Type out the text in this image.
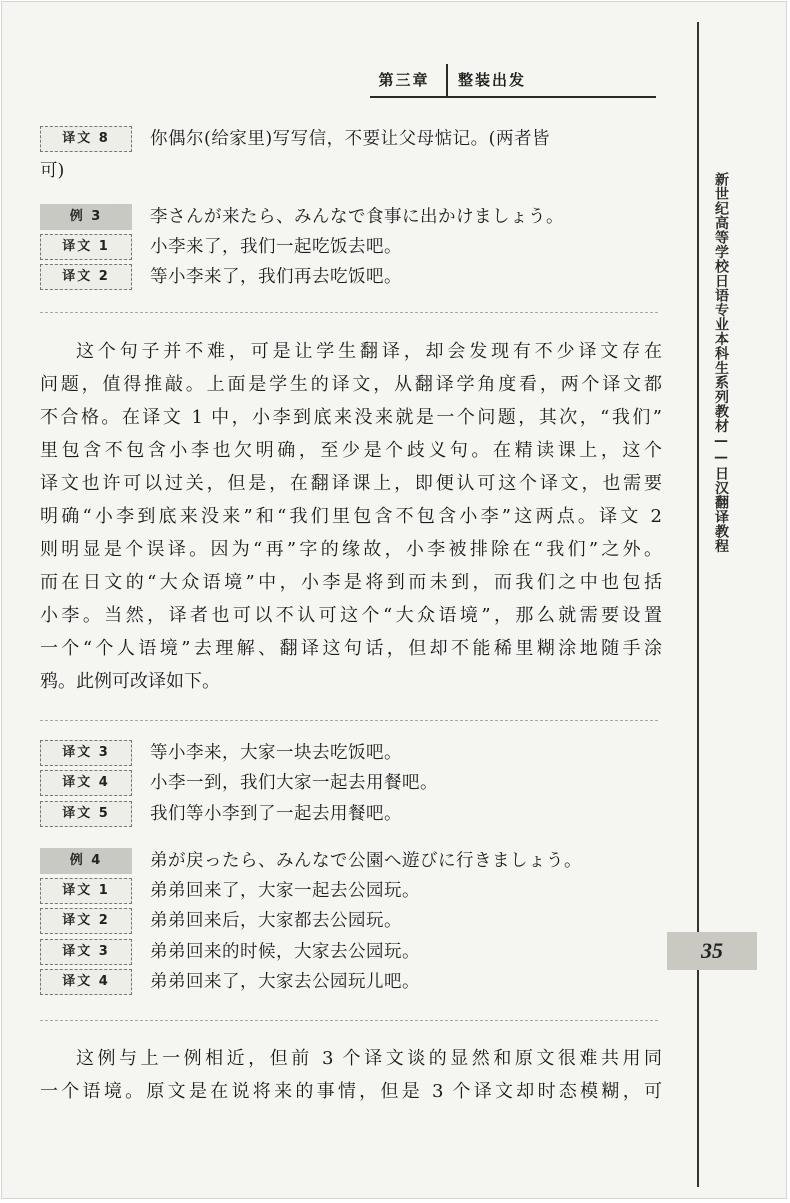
第三章	整装出发
新世纪高等学校日语专业本科生系列教材——日汉翻译教程
35
译文 8	你偶尔(给家里)写写信，不要让父母惦记。(两者皆
可)
例 3	李さんが来たら、みんなで食事に出かけましょう。
译文 1	小李来了，我们一起吃饭去吧。
译文 2	等小李来了，我们再去吃饭吧。
这个句子并不难，可是让学生翻译，却会发现有不少译文存在
问题，值得推敲。上面是学生的译文，从翻译学角度看，两个译文都
不合格。在译文 1 中，小李到底来没来就是一个问题，其次，“我们”
里包含不包含小李也欠明确，至少是个歧义句。在精读课上，这个
译文也许可以过关，但是，在翻译课上，即便认可这个译文，也需要
明确“小李到底来没来”和“我们里包含不包含小李”这两点。译文 2
则明显是个误译。因为“再”字的缘故，小李被排除在“我们”之外。
而在日文的“大众语境”中，小李是将到而未到，而我们之中也包括
小李。当然，译者也可以不认可这个“大众语境”，那么就需要设置
一个“个人语境”去理解、翻译这句话，但却不能稀里糊涂地随手涂
鸦。此例可改译如下。
译文 3	等小李来，大家一块去吃饭吧。
译文 4	小李一到，我们大家一起去用餐吧。
译文 5	我们等小李到了一起去用餐吧。
例 4	弟が戻ったら、みんなで公園へ遊びに行きましょう。
译文 1	弟弟回来了，大家一起去公园玩。
译文 2	弟弟回来后，大家都去公园玩。
译文 3	弟弟回来的时候，大家去公园玩。
译文 4	弟弟回来了，大家去公园玩儿吧。
这例与上一例相近，但前 3 个译文谈的显然和原文很难共用同
一个语境。原文是在说将来的事情，但是 3 个译文却时态模糊，可
